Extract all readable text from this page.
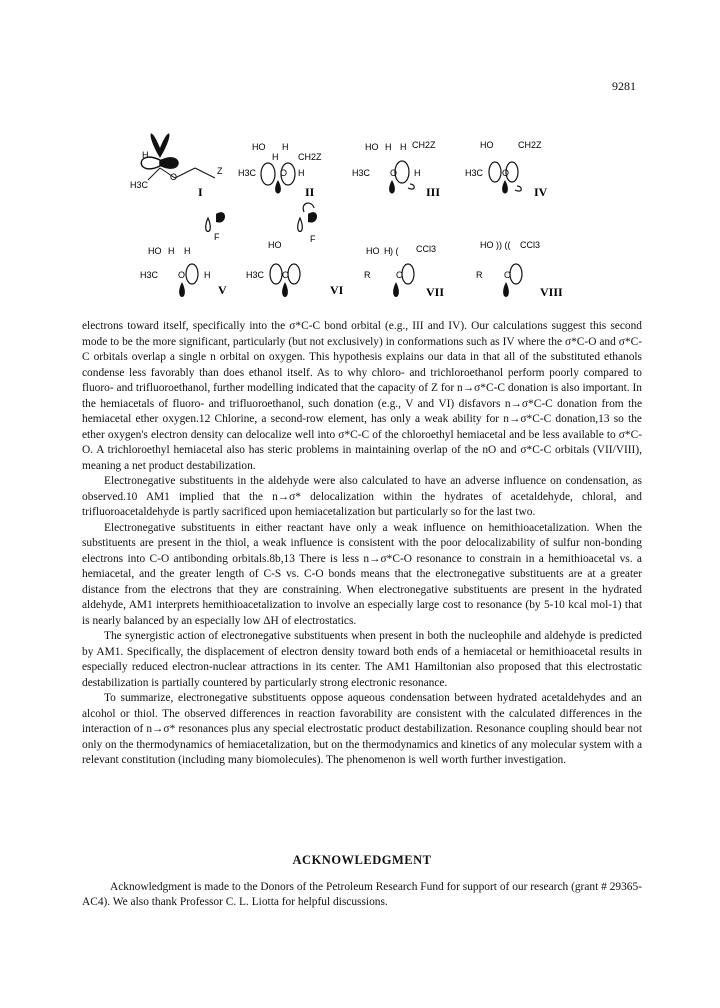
9281
H
O
Z
H3C	I
HO H
H CH2Z
H3C	O H
II
HO H H CH2Z
H3C O H
III
HO	CH2Z
H3C O
IV
F
HO H H
H3C O H
V
F
HO
H3C O
VI
HO H ) ( CCl3
R	O
VII
HO )) (( CCl3
R O
VIII

electrons toward itself, specifically into the σ*C-C bond orbital (e.g., III and IV). Our calculations suggest this second mode to be the more significant, particularly (but not exclusively) in conformations such as IV where the σ*C-O and σ*C-C orbitals overlap a single n orbital on oxygen. This hypothesis explains our data in that all of the substituted ethanols condense less favorably than does ethanol itself. As to why chloro- and trichloroethanol perform poorly compared to fluoro- and trifluoroethanol, further modelling indicated that the capacity of Z for n→σ*C-C donation is also important. In the hemiacetals of fluoro- and trifluoroethanol, such donation (e.g., V and VI) disfavors n→σ*C-C donation from the hemiacetal ether oxygen.12 Chlorine, a second-row element, has only a weak ability for n→σ*C-C donation,13 so the ether oxygen's electron density can delocalize well into σ*C-C of the chloroethyl hemiacetal and be less available to σ*C-O. A trichloroethyl hemiacetal also has steric problems in maintaining overlap of the nO and σ*C-C orbitals (VII/VIII), meaning a net product destabilization.

Electronegative substituents in the aldehyde were also calculated to have an adverse influence on condensation, as observed.10 AM1 implied that the n→σ* delocalization within the hydrates of acetaldehyde, chloral, and trifluoroacetaldehyde is partly sacrificed upon hemiacetalization but particularly so for the last two.

Electronegative substituents in either reactant have only a weak influence on hemithioacetalization. When the substituents are present in the thiol, a weak influence is consistent with the poor delocalizability of sulfur non-bonding electrons into C-O antibonding orbitals.8b,13 There is less n→σ*C-O resonance to constrain in a hemithioacetal vs. a hemiacetal, and the greater length of C-S vs. C-O bonds means that the electronegative substituents are at a greater distance from the electrons that they are constraining. When electronegative substituents are present in the hydrated aldehyde, AM1 interprets hemithioacetalization to involve an especially large cost to resonance (by 5-10 kcal mol-1) that is nearly balanced by an especially low ΔH of electrostatics.

The synergistic action of electronegative substituents when present in both the nucleophile and aldehyde is predicted by AM1. Specifically, the displacement of electron density toward both ends of a hemiacetal or hemithioacetal results in especially reduced electron-nuclear attractions in its center. The AM1 Hamiltonian also proposed that this electrostatic destabilization is partially countered by particularly strong electronic resonance.

To summarize, electronegative substituents oppose aqueous condensation between hydrated acetaldehydes and an alcohol or thiol. The observed differences in reaction favorability are consistent with the calculated differences in the interaction of n→σ* resonances plus any special electrostatic product destabilization. Resonance coupling should bear not only on the thermodynamics of hemiacetalization, but on the thermodynamics and kinetics of any molecular system with a relevant constitution (including many biomolecules). The phenomenon is well worth further investigation.

ACKNOWLEDGMENT
Acknowledgment is made to the Donors of the Petroleum Research Fund for support of our research (grant # 29365-AC4). We also thank Professor C. L. Liotta for helpful discussions.
